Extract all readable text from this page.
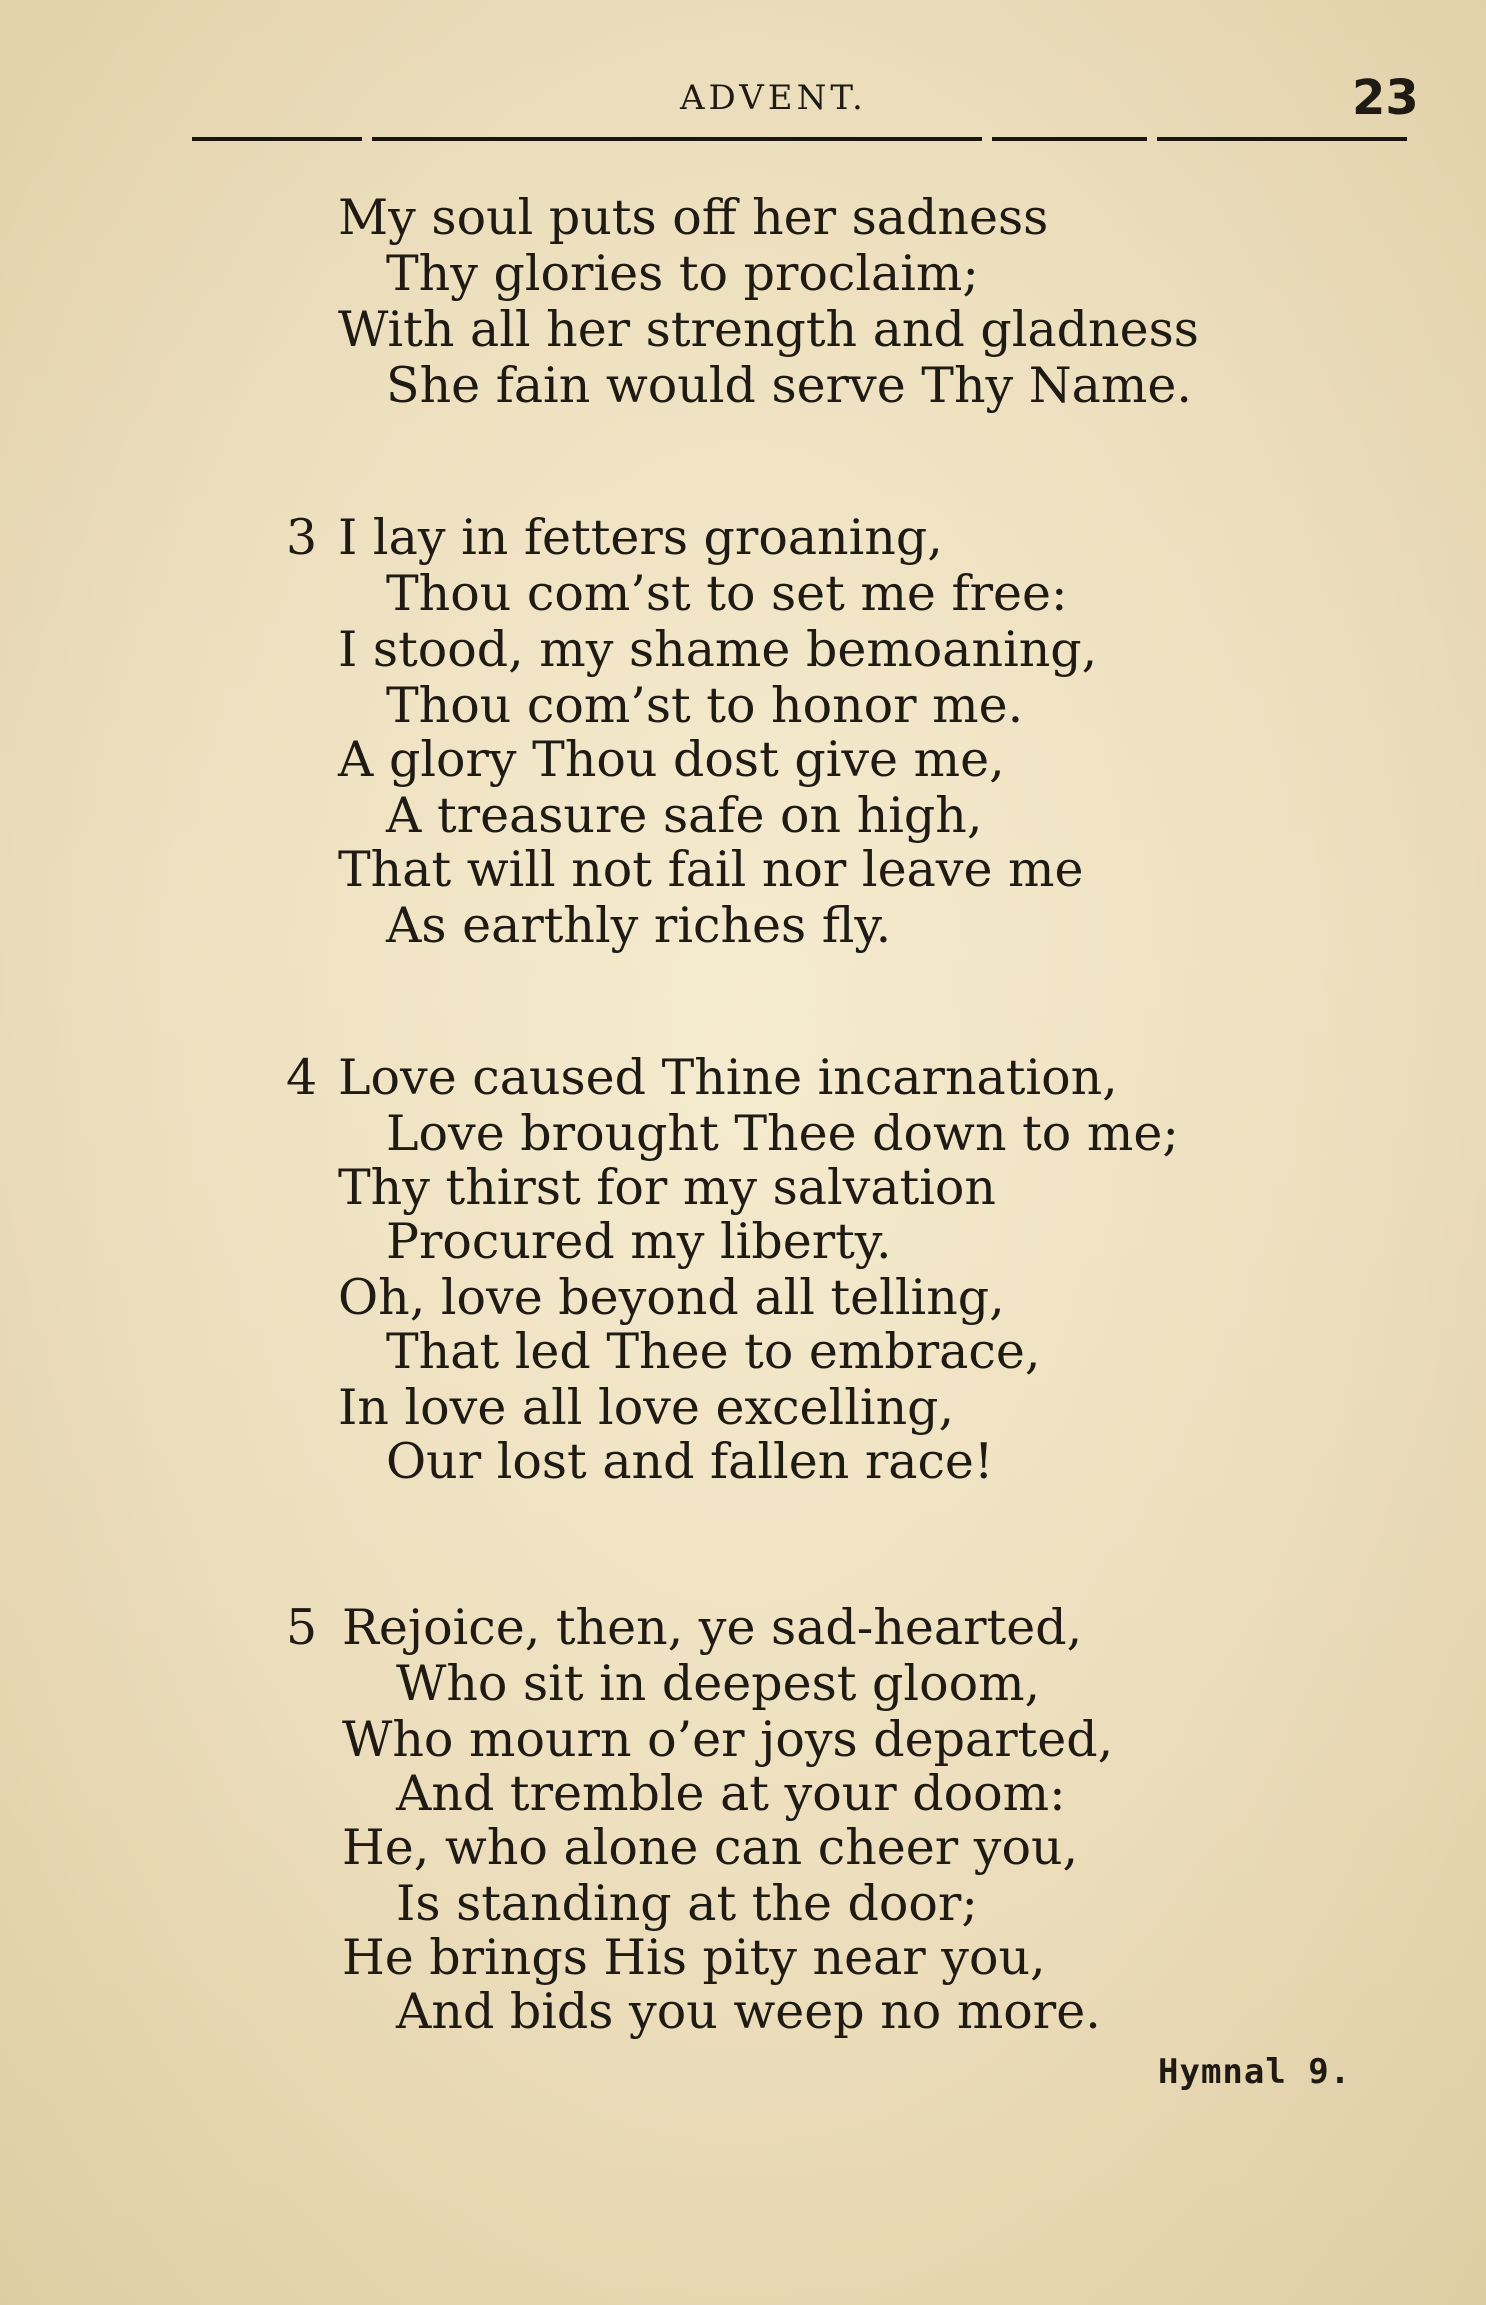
ADVENT.	23
My soul puts off her sadness
Thy glories to proclaim;
With all her strength and gladness
She fain would serve Thy Name.
3 I lay in fetters groaning,
Thou com’st to set me free:
I stood, my shame bemoaning,
Thou com’st to honor me.
A glory Thou dost give me,
A treasure safe on high,
That will not fail nor leave me
As earthly riches fly.
4 Love caused Thine incarnation,
Love brought Thee down to me;
Thy thirst for my salvation
Procured my liberty.
Oh, love beyond all telling,
That led Thee to embrace,
In love all love excelling,
Our lost and fallen race!
5 Rejoice, then, ye sad-hearted,
Who sit in deepest gloom,
Who mourn o’er joys departed,
And tremble at your doom:
He, who alone can cheer you,
Is standing at the door;
He brings His pity near you,
And bids you weep no more.
Hymnal 9.
